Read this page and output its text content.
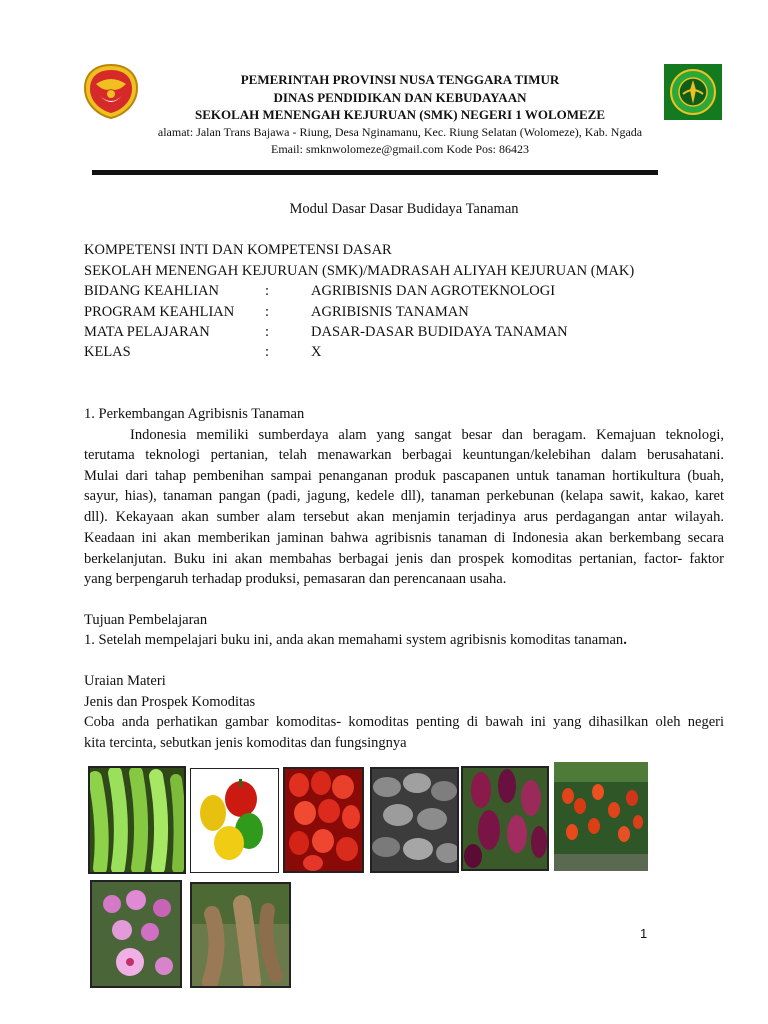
PEMERINTAH PROVINSI NUSA TENGGARA TIMUR
DINAS PENDIDIKAN DAN KEBUDAYAAN
SEKOLAH MENENGAH KEJURUAN (SMK) NEGERI 1 WOLOMEZE
alamat: Jalan Trans Bajawa - Riung, Desa Nginamanu, Kec. Riung Selatan (Wolomeze), Kab. Ngada
Email: smknwolomeze@gmail.com Kode Pos: 86423
Modul Dasar Dasar Budidaya Tanaman
KOMPETENSI INTI DAN KOMPETENSI DASAR
SEKOLAH MENENGAH KEJURUAN (SMK)/MADRASAH ALIYAH KEJURUAN (MAK)
BIDANG KEAHLIAN	:	AGRIBISNIS DAN AGROTEKNOLOGI
PROGRAM KEAHLIAN :	AGRIBISNIS TANAMAN
MATA PELAJARAN	:	DASAR-DASAR BUDIDAYA TANAMAN
KELAS	:	X
1. Perkembangan Agribisnis Tanaman
Indonesia memiliki sumberdaya alam yang sangat besar dan beragam. Kemajuan teknologi,
terutama teknologi pertanian, telah menawarkan berbagai keuntungan/kelebihan dalam berusahatani.
Mulai dari tahap pembenihan sampai penanganan produk pascapanen untuk tanaman hortikultura (buah,
sayur, hias), tanaman pangan (padi, jagung, kedele dll), tanaman perkebunan (kelapa sawit, kakao, karet
dll). Kekayaan akan sumber alam tersebut akan menjamin terjadinya arus perdagangan antar wilayah.
Keadaan ini akan memberikan jaminan bahwa agribisnis tanaman di Indonesia akan berkembang secara
berkelanjutan. Buku ini akan membahas berbagai jenis dan prospek komoditas pertanian, factor- faktor
yang berpengaruh terhadap produksi, pemasaran dan perencanaan usaha.
Tujuan Pembelajaran
1. Setelah mempelajari buku ini, anda akan memahami system agribisnis komoditas tanaman.
Uraian Materi
Jenis dan Prospek Komoditas
Coba anda perhatikan gambar komoditas- komoditas penting di bawah ini yang dihasilkan oleh negeri
kita tercinta, sebutkan jenis komoditas dan fungsingnya
1
